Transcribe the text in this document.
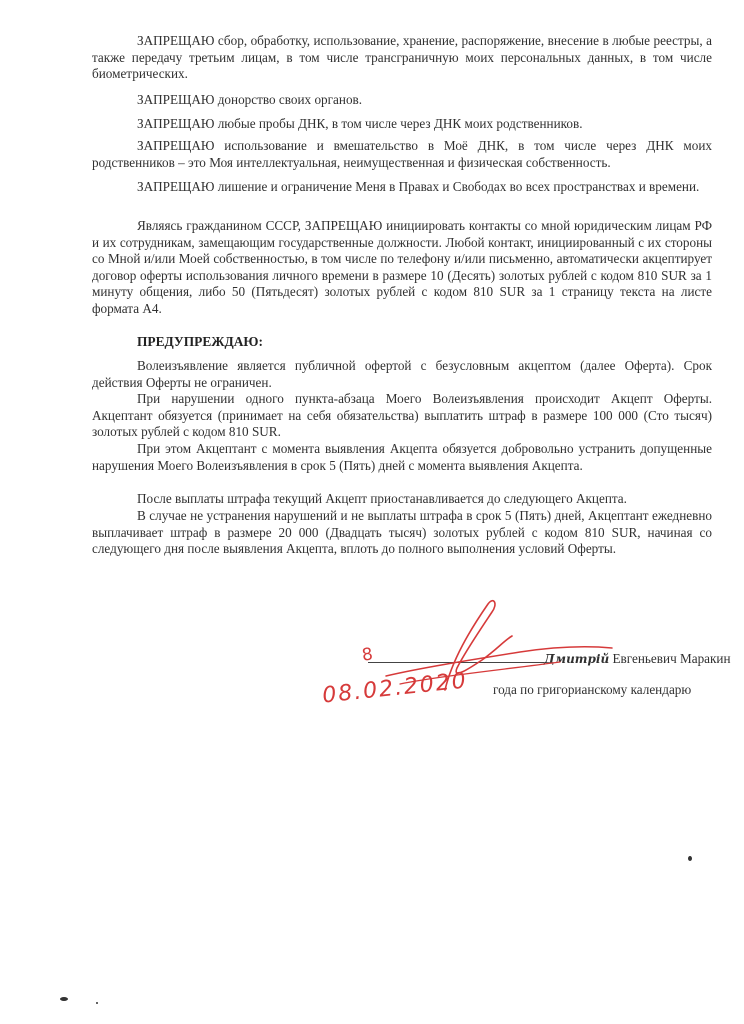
ЗАПРЕЩАЮ сбор, обработку, использование, хранение, распоряжение, внесение в любые реестры, а также передачу третьим лицам, в том числе трансграничную моих персональных данных, в том числе биометрических.

ЗАПРЕЩАЮ донорство своих органов.

ЗАПРЕЩАЮ любые пробы ДНК, в том числе через ДНК моих родственников.

ЗАПРЕЩАЮ использование и вмешательство в Моё ДНК, в том числе через ДНК моих родственников – это Моя интеллектуальная, неимущественная и физическая собственность.

ЗАПРЕЩАЮ лишение и ограничение Меня в Правах и Свободах во всех пространствах и времени.

Являясь гражданином СССР, ЗАПРЕЩАЮ инициировать контакты со мной юридическим лицам РФ и их сотрудникам, замещающим государственные должности. Любой контакт, инициированный с их стороны со Мной и/или Моей собственностью, в том числе по телефону и/или письменно, автоматически акцептирует договор оферты использования личного времени в размере 10 (Десять) золотых рублей с кодом 810 SUR за 1 минуту общения, либо 50 (Пятьдесят) золотых рублей с кодом 810 SUR за 1 страницу текста на листе формата А4.

ПРЕДУПРЕЖДАЮ:

Волеизъявление является публичной офертой с безусловным акцептом (далее Оферта). Срок действия Оферты не ограничен.

При нарушении одного пункта-абзаца Моего Волеизъявления происходит Акцепт Оферты. Акцептант обязуется (принимает на себя обязательства) выплатить штраф в размере 100 000 (Сто тысяч) золотых рублей с кодом 810 SUR.

При этом Акцептант с момента выявления Акцепта обязуется добровольно устранить допущенные нарушения Моего Волеизъявления в срок 5 (Пять) дней с момента выявления Акцепта.

После выплаты штрафа текущий Акцепт приостанавливается до следующего Акцепта.

В случае не устранения нарушений и не выплаты штрафа в срок 5 (Пять) дней, Акцептант ежедневно выплачивает штраф в размере 20 000 (Двадцать тысяч) золотых рублей с кодом 810 SUR, начиная со следующего дня после выявления Акцепта, вплоть до полного выполнения условий Оферты.

Дмитрій Евгеньевич Маракин
года по григорианскому календарю
8
08.02.2020
